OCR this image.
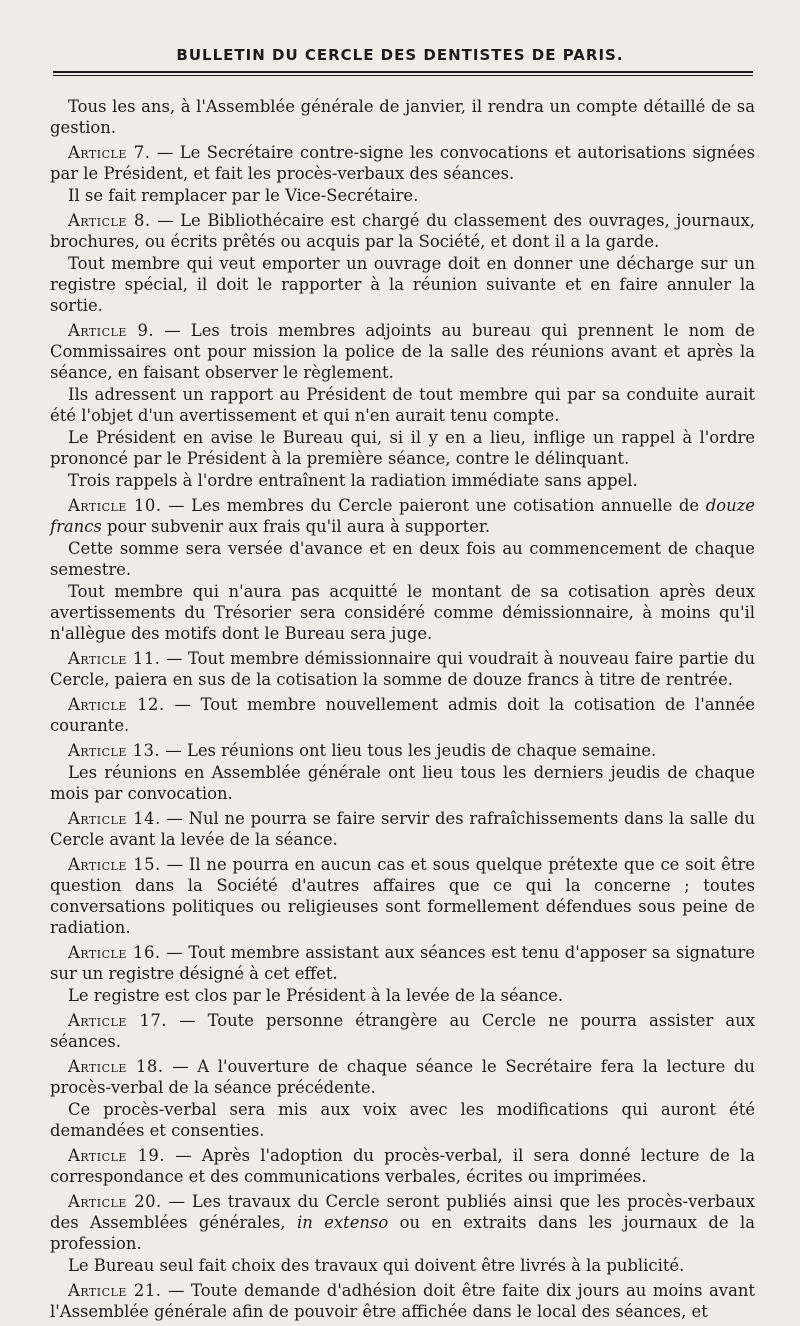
BULLETIN DU CERCLE DES DENTISTES DE PARIS.

Tous les ans, à l'Assemblée générale de janvier, il rendra un compte détaillé de sa gestion.

Article 7. — Le Secrétaire contre-signe les convocations et autorisations signées par le Président, et fait les procès-verbaux des séances.

Il se fait remplacer par le Vice-Secrétaire.

Article 8. — Le Bibliothécaire est chargé du classement des ouvrages, journaux, brochures, ou écrits prêtés ou acquis par la Société, et dont il a la garde.

Tout membre qui veut emporter un ouvrage doit en donner une décharge sur un registre spécial, il doit le rapporter à la réunion suivante et en faire annuler la sortie.

Article 9. — Les trois membres adjoints au bureau qui prennent le nom de Commissaires ont pour mission la police de la salle des réunions avant et après la séance, en faisant observer le règlement.

Ils adressent un rapport au Président de tout membre qui par sa conduite aurait été l'objet d'un avertissement et qui n'en aurait tenu compte.

Le Président en avise le Bureau qui, si il y en a lieu, inflige un rappel à l'ordre prononcé par le Président à la première séance, contre le délinquant.

Trois rappels à l'ordre entraînent la radiation immédiate sans appel.

Article 10. — Les membres du Cercle paieront une cotisation annuelle de douze francs pour subvenir aux frais qu'il aura à supporter.

Cette somme sera versée d'avance et en deux fois au commencement de chaque semestre.

Tout membre qui n'aura pas acquitté le montant de sa cotisation après deux avertissements du Trésorier sera considéré comme démissionnaire, à moins qu'il n'allègue des motifs dont le Bureau sera juge.

Article 11. — Tout membre démissionnaire qui voudrait à nouveau faire partie du Cercle, paiera en sus de la cotisation la somme de douze francs à titre de rentrée.

Article 12. — Tout membre nouvellement admis doit la cotisation de l'année courante.

Article 13. — Les réunions ont lieu tous les jeudis de chaque semaine.

Les réunions en Assemblée générale ont lieu tous les derniers jeudis de chaque mois par convocation.

Article 14. — Nul ne pourra se faire servir des rafraîchissements dans la salle du Cercle avant la levée de la séance.

Article 15. — Il ne pourra en aucun cas et sous quelque prétexte que ce soit être question dans la Société d'autres affaires que ce qui la concerne ; toutes conversations politiques ou religieuses sont formellement défendues sous peine de radiation.

Article 16. — Tout membre assistant aux séances est tenu d'apposer sa signature sur un registre désigné à cet effet.

Le registre est clos par le Président à la levée de la séance.

Article 17. — Toute personne étrangère au Cercle ne pourra assister aux séances.

Article 18. — A l'ouverture de chaque séance le Secrétaire fera la lecture du procès-verbal de la séance précédente.

Ce procès-verbal sera mis aux voix avec les modifications qui auront été demandées et consenties.

Article 19. — Après l'adoption du procès-verbal, il sera donné lecture de la correspondance et des communications verbales, écrites ou imprimées.

Article 20. — Les travaux du Cercle seront publiés ainsi que les procès-verbaux des Assemblées générales, in extenso ou en extraits dans les journaux de la profession.

Le Bureau seul fait choix des travaux qui doivent être livrés à la publicité.

Article 21. — Toute demande d'adhésion doit être faite dix jours au moins avant l'Assemblée générale afin de pouvoir être affichée dans le local des séances, et
